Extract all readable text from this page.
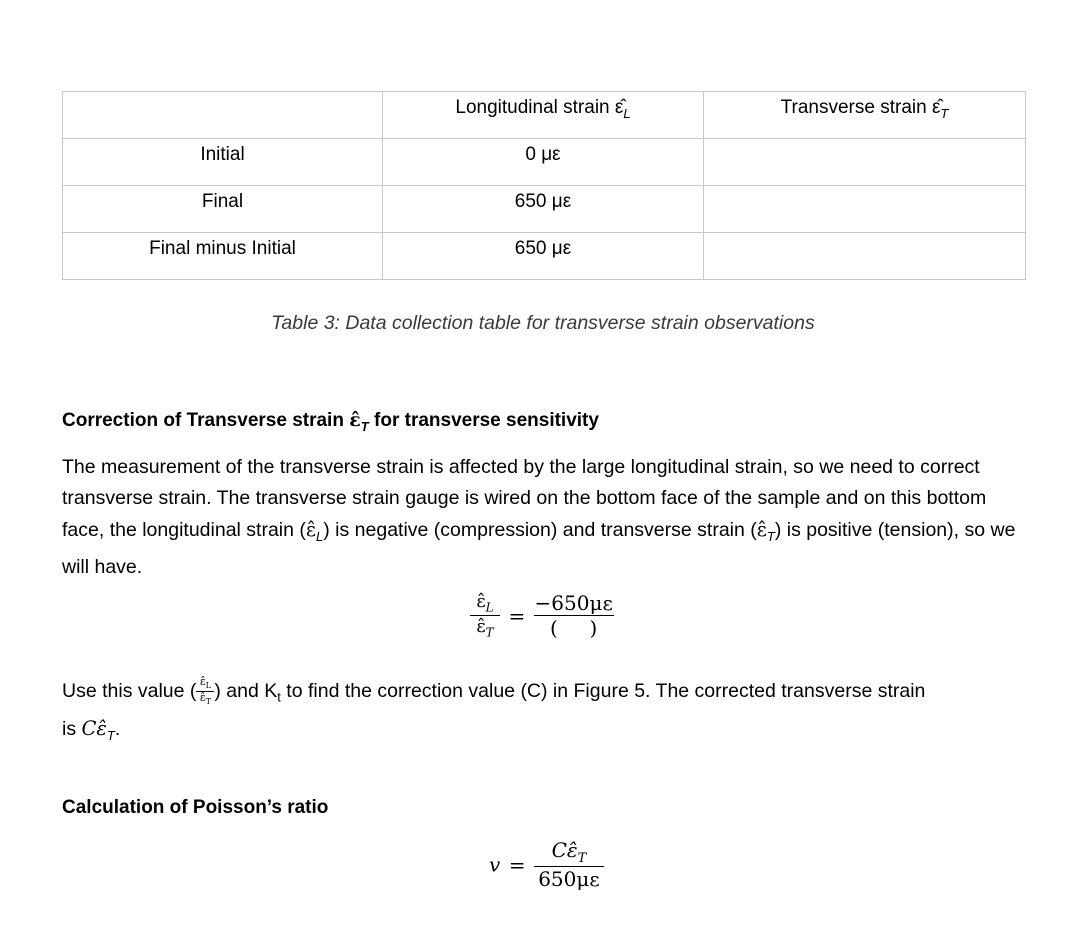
	Longitudinal strain $\varepsilon̂_L$	Transverse strain $\varepsilon̂_T$
Initial	0 με	
Final	650 με	
Final minus Initial	650 με	
Table 3: Data collection table for transverse strain observations
Correction of Transverse strain $\varepsilon̂_T$ for transverse sensitivity

The measurement of the transverse strain is affected by the large longitudinal strain, so we need to correct transverse strain. The transverse strain gauge is wired on the bottom face of the sample and on this bottom face, the longitudinal strain $(\varepsilon̂_L)$ is negative (compression) and transverse strain $(\varepsilon̂_T)$ is positive (tension), so we will have.

$\frac{\varepsilon̂_L}{\varepsilon̂_T} = \frac{-650\mu\varepsilon}{( )}$
Use this value ( $\frac{\varepsilon̂_L}{\varepsilon̂_T}$ ) and $K_t$ to find the correction value (C) in Figure 5. The corrected transverse strain
is $C\varepsilon̂_T$.
Calculation of Poisson’s ratio
$v = \frac{C\varepsilon̂_T}{650\mu\varepsilon}$
